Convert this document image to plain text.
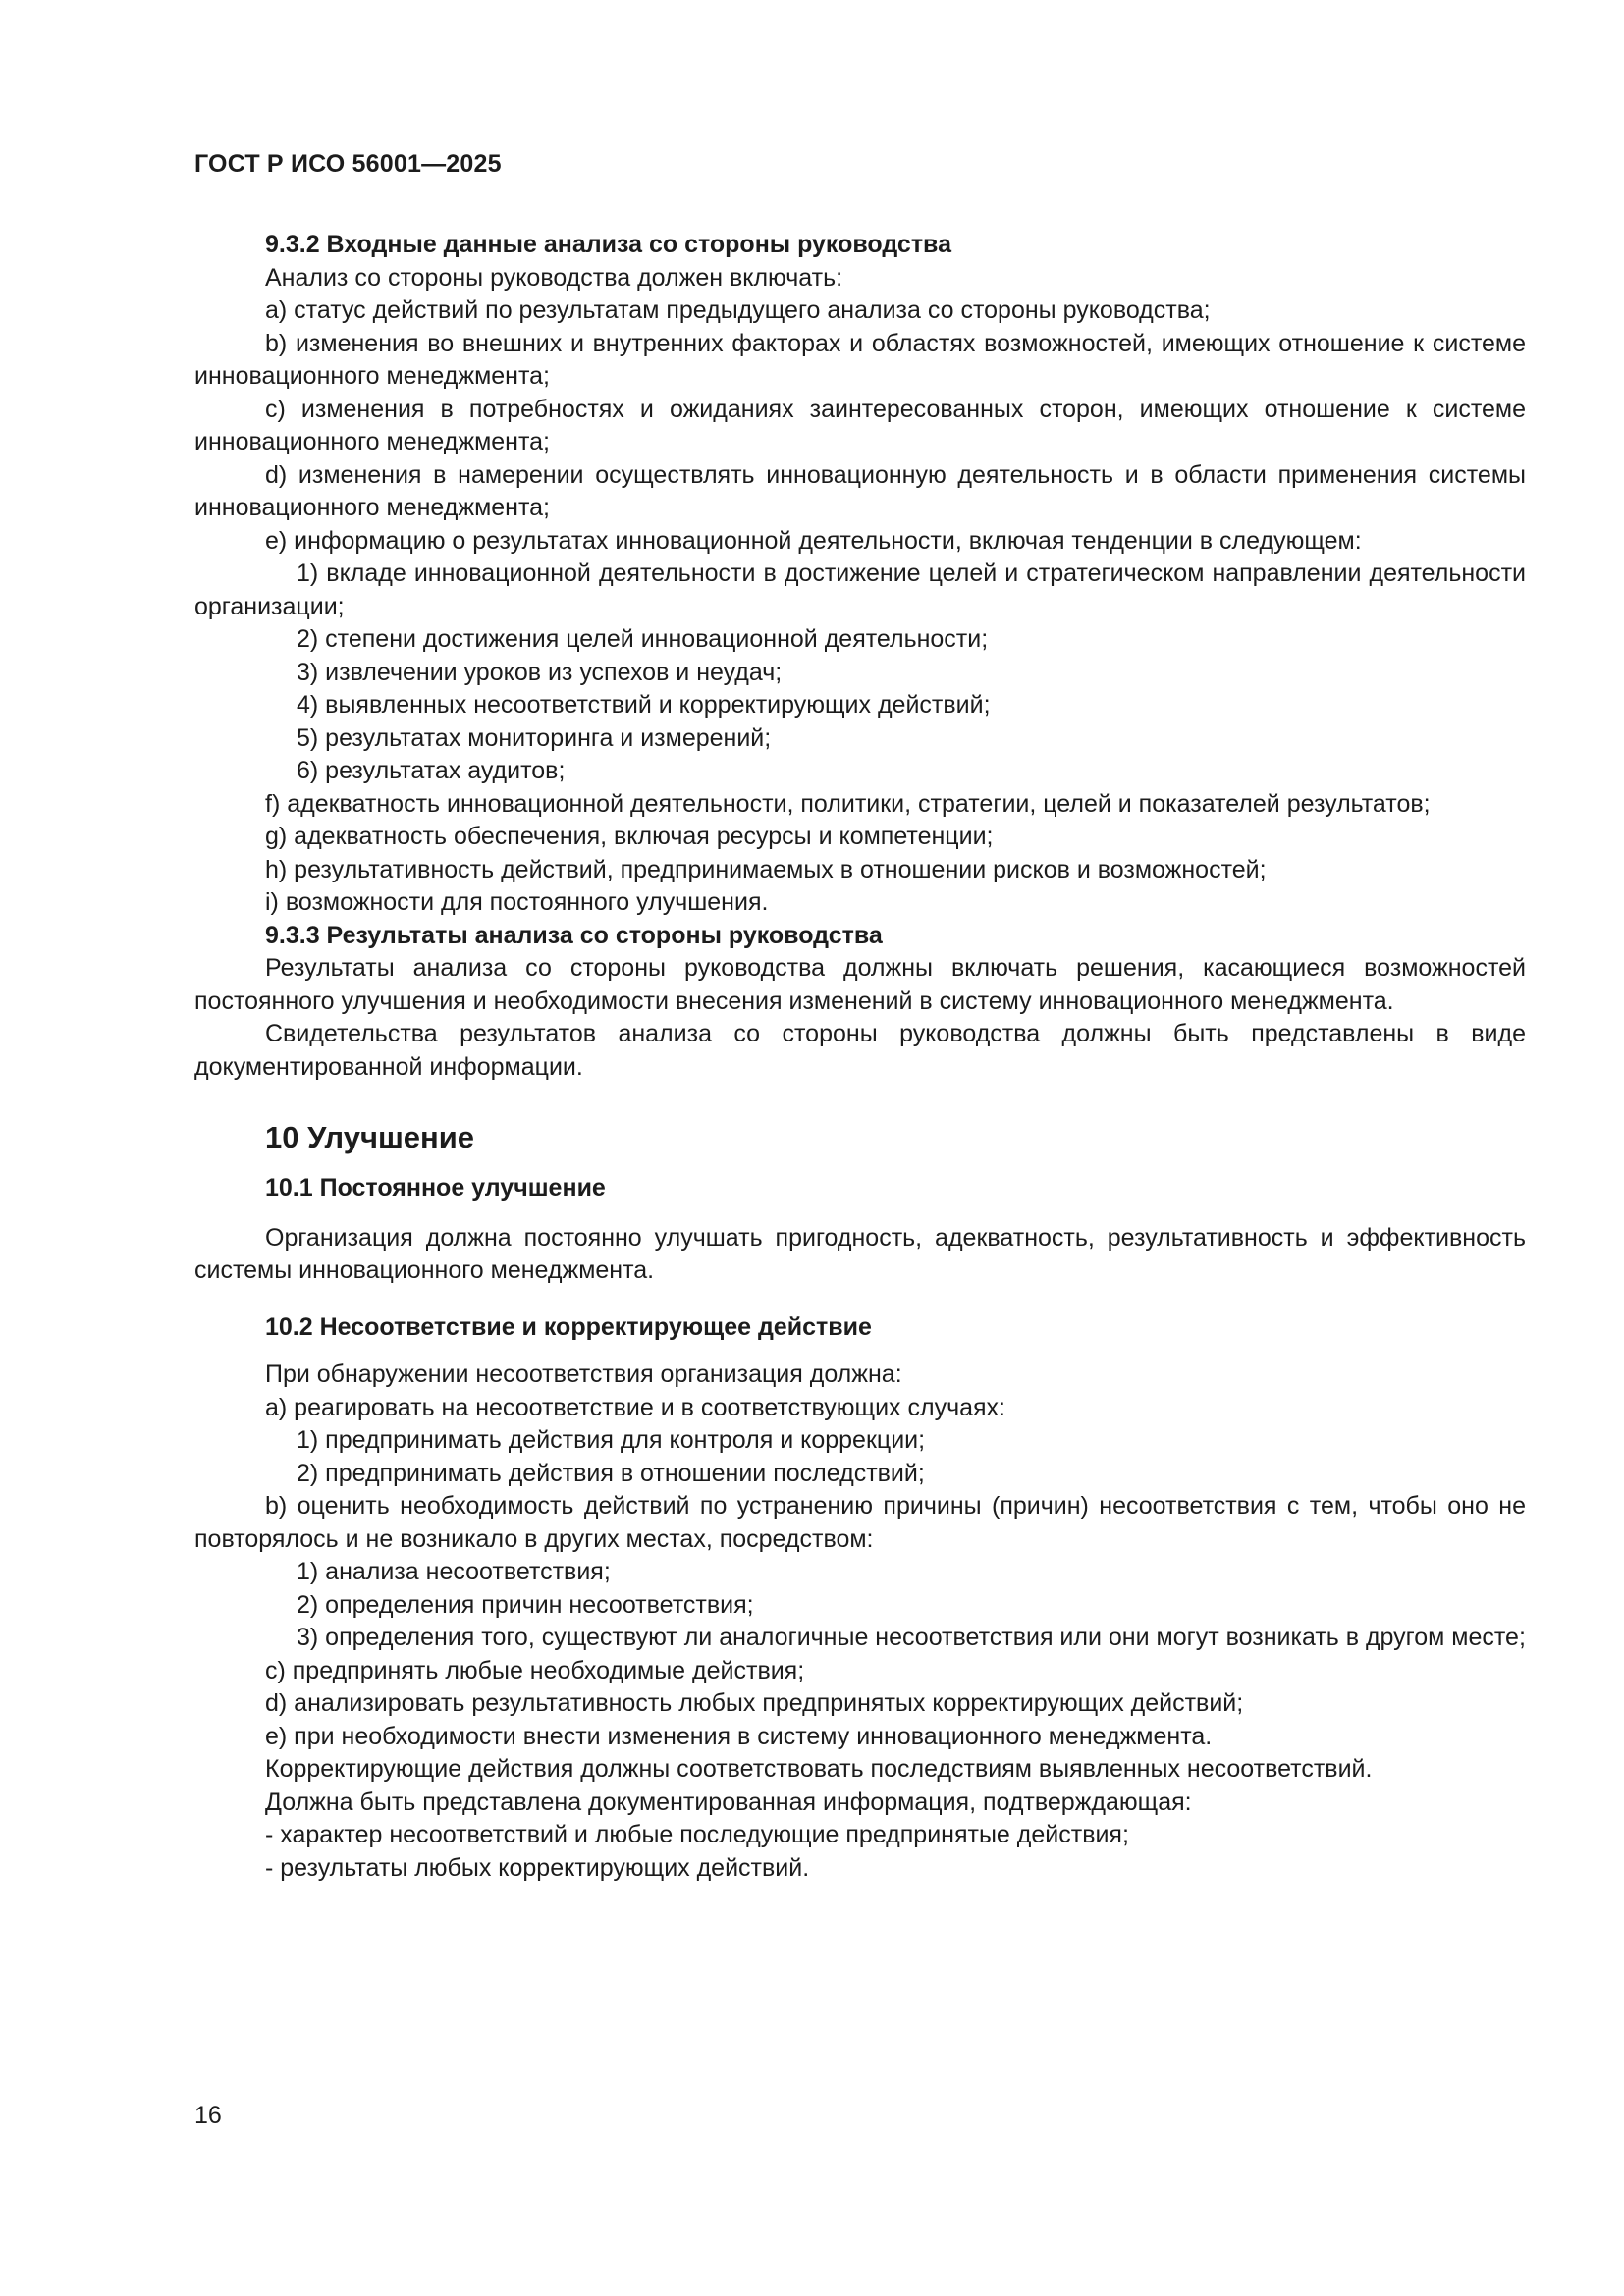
ГОСТ Р ИСО 56001—2025

9.3.2 Входные данные анализа со стороны руководства

Анализ со стороны руководства должен включать:

a) статус действий по результатам предыдущего анализа со стороны руководства;

b) изменения во внешних и внутренних факторах и областях возможностей, имеющих отношение к системе инновационного менеджмента;

c) изменения в потребностях и ожиданиях заинтересованных сторон, имеющих отношение к системе инновационного менеджмента;

d) изменения в намерении осуществлять инновационную деятельность и в области применения системы инновационного менеджмента;

e) информацию о результатах инновационной деятельности, включая тенденции в следующем:

1) вкладе инновационной деятельности в достижение целей и стратегическом направлении деятельности организации;

2) степени достижения целей инновационной деятельности;

3) извлечении уроков из успехов и неудач;

4) выявленных несоответствий и корректирующих действий;

5) результатах мониторинга и измерений;

6) результатах аудитов;

f) адекватность инновационной деятельности, политики, стратегии, целей и показателей результатов;

g) адекватность обеспечения, включая ресурсы и компетенции;

h) результативность действий, предпринимаемых в отношении рисков и возможностей;

i) возможности для постоянного улучшения.

9.3.3 Результаты анализа со стороны руководства

Результаты анализа со стороны руководства должны включать решения, касающиеся возможностей постоянного улучшения и необходимости внесения изменений в систему инновационного менеджмента.

Свидетельства результатов анализа со стороны руководства должны быть представлены в виде документированной информации.

10 Улучшение

10.1 Постоянное улучшение

Организация должна постоянно улучшать пригодность, адекватность, результативность и эффективность системы инновационного менеджмента.

10.2 Несоответствие и корректирующее действие

При обнаружении несоответствия организация должна:

a) реагировать на несоответствие и в соответствующих случаях:

1) предпринимать действия для контроля и коррекции;

2) предпринимать действия в отношении последствий;

b) оценить необходимость действий по устранению причины (причин) несоответствия с тем, чтобы оно не повторялось и не возникало в других местах, посредством:

1) анализа несоответствия;

2) определения причин несоответствия;

3) определения того, существуют ли аналогичные несоответствия или они могут возникать в другом месте;

c) предпринять любые необходимые действия;

d) анализировать результативность любых предпринятых корректирующих действий;

e) при необходимости внести изменения в систему инновационного менеджмента.

Корректирующие действия должны соответствовать последствиям выявленных несоответствий.

Должна быть представлена документированная информация, подтверждающая:

- характер несоответствий и любые последующие предпринятые действия;

- результаты любых корректирующих действий.

16
